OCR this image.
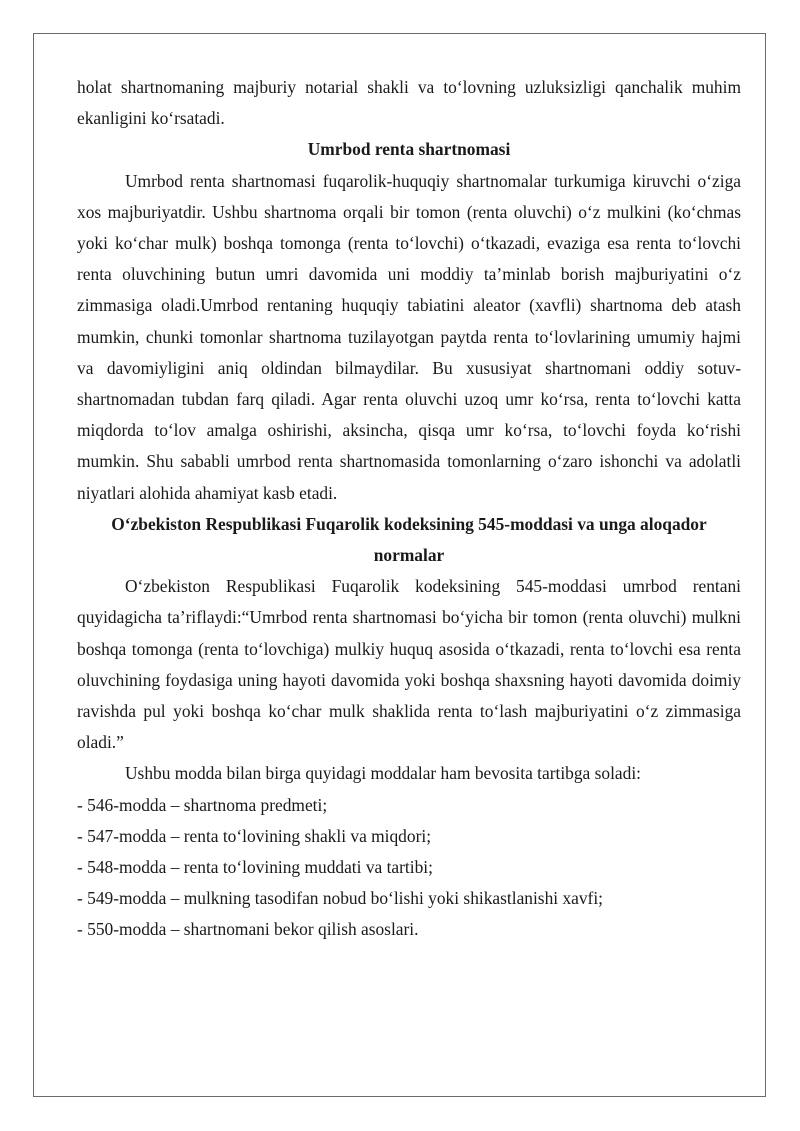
holat shartnomaning majburiy notarial shakli va to‘lovning uzluksizligi qanchalik muhim ekanligini ko‘rsatadi.

Umrbod renta shartnomasi

Umrbod renta shartnomasi fuqarolik-huquqiy shartnomalar turkumiga kiruvchi o‘ziga xos majburiyatdir. Ushbu shartnoma orqali bir tomon (renta oluvchi) o‘z mulkini (ko‘chmas yoki ko‘char mulk) boshqa tomonga (renta to‘lovchi) o‘tkazadi, evaziga esa renta to‘lovchi renta oluvchining butun umri davomida uni moddiy ta’minlab borish majburiyatini o‘z zimmasiga oladi.Umrbod rentaning huquqiy tabiatini aleator (xavfli) shartnoma deb atash mumkin, chunki tomonlar shartnoma tuzilayotgan paytda renta to‘lovlarining umumiy hajmi va davomiyligini aniq oldindan bilmaydilar. Bu xususiyat shartnomani oddiy sotuv-shartnomadan tubdan farq qiladi. Agar renta oluvchi uzoq umr ko‘rsa, renta to‘lovchi katta miqdorda to‘lov amalga oshirishi, aksincha, qisqa umr ko‘rsa, to‘lovchi foyda ko‘rishi mumkin. Shu sababli umrbod renta shartnomasida tomonlarning o‘zaro ishonchi va adolatli niyatlari alohida ahamiyat kasb etadi.

O‘zbekiston Respublikasi Fuqarolik kodeksining 545-moddasi va unga aloqador normalar

O‘zbekiston Respublikasi Fuqarolik kodeksining 545-moddasi umrbod rentani quyidagicha ta’riflaydi:“Umrbod renta shartnomasi bo‘yicha bir tomon (renta oluvchi) mulkni boshqa tomonga (renta to‘lovchiga) mulkiy huquq asosida o‘tkazadi, renta to‘lovchi esa renta oluvchining foydasiga uning hayoti davomida yoki boshqa shaxsning hayoti davomida doimiy ravishda pul yoki boshqa ko‘char mulk shaklida renta to‘lash majburiyatini o‘z zimmasiga oladi.”

Ushbu modda bilan birga quyidagi moddalar ham bevosita tartibga soladi:

- 546-modda – shartnoma predmeti;

- 547-modda – renta to‘lovining shakli va miqdori;

- 548-modda – renta to‘lovining muddati va tartibi;

- 549-modda – mulkning tasodifan nobud bo‘lishi yoki shikastlanishi xavfi;

- 550-modda – shartnomani bekor qilish asoslari.
